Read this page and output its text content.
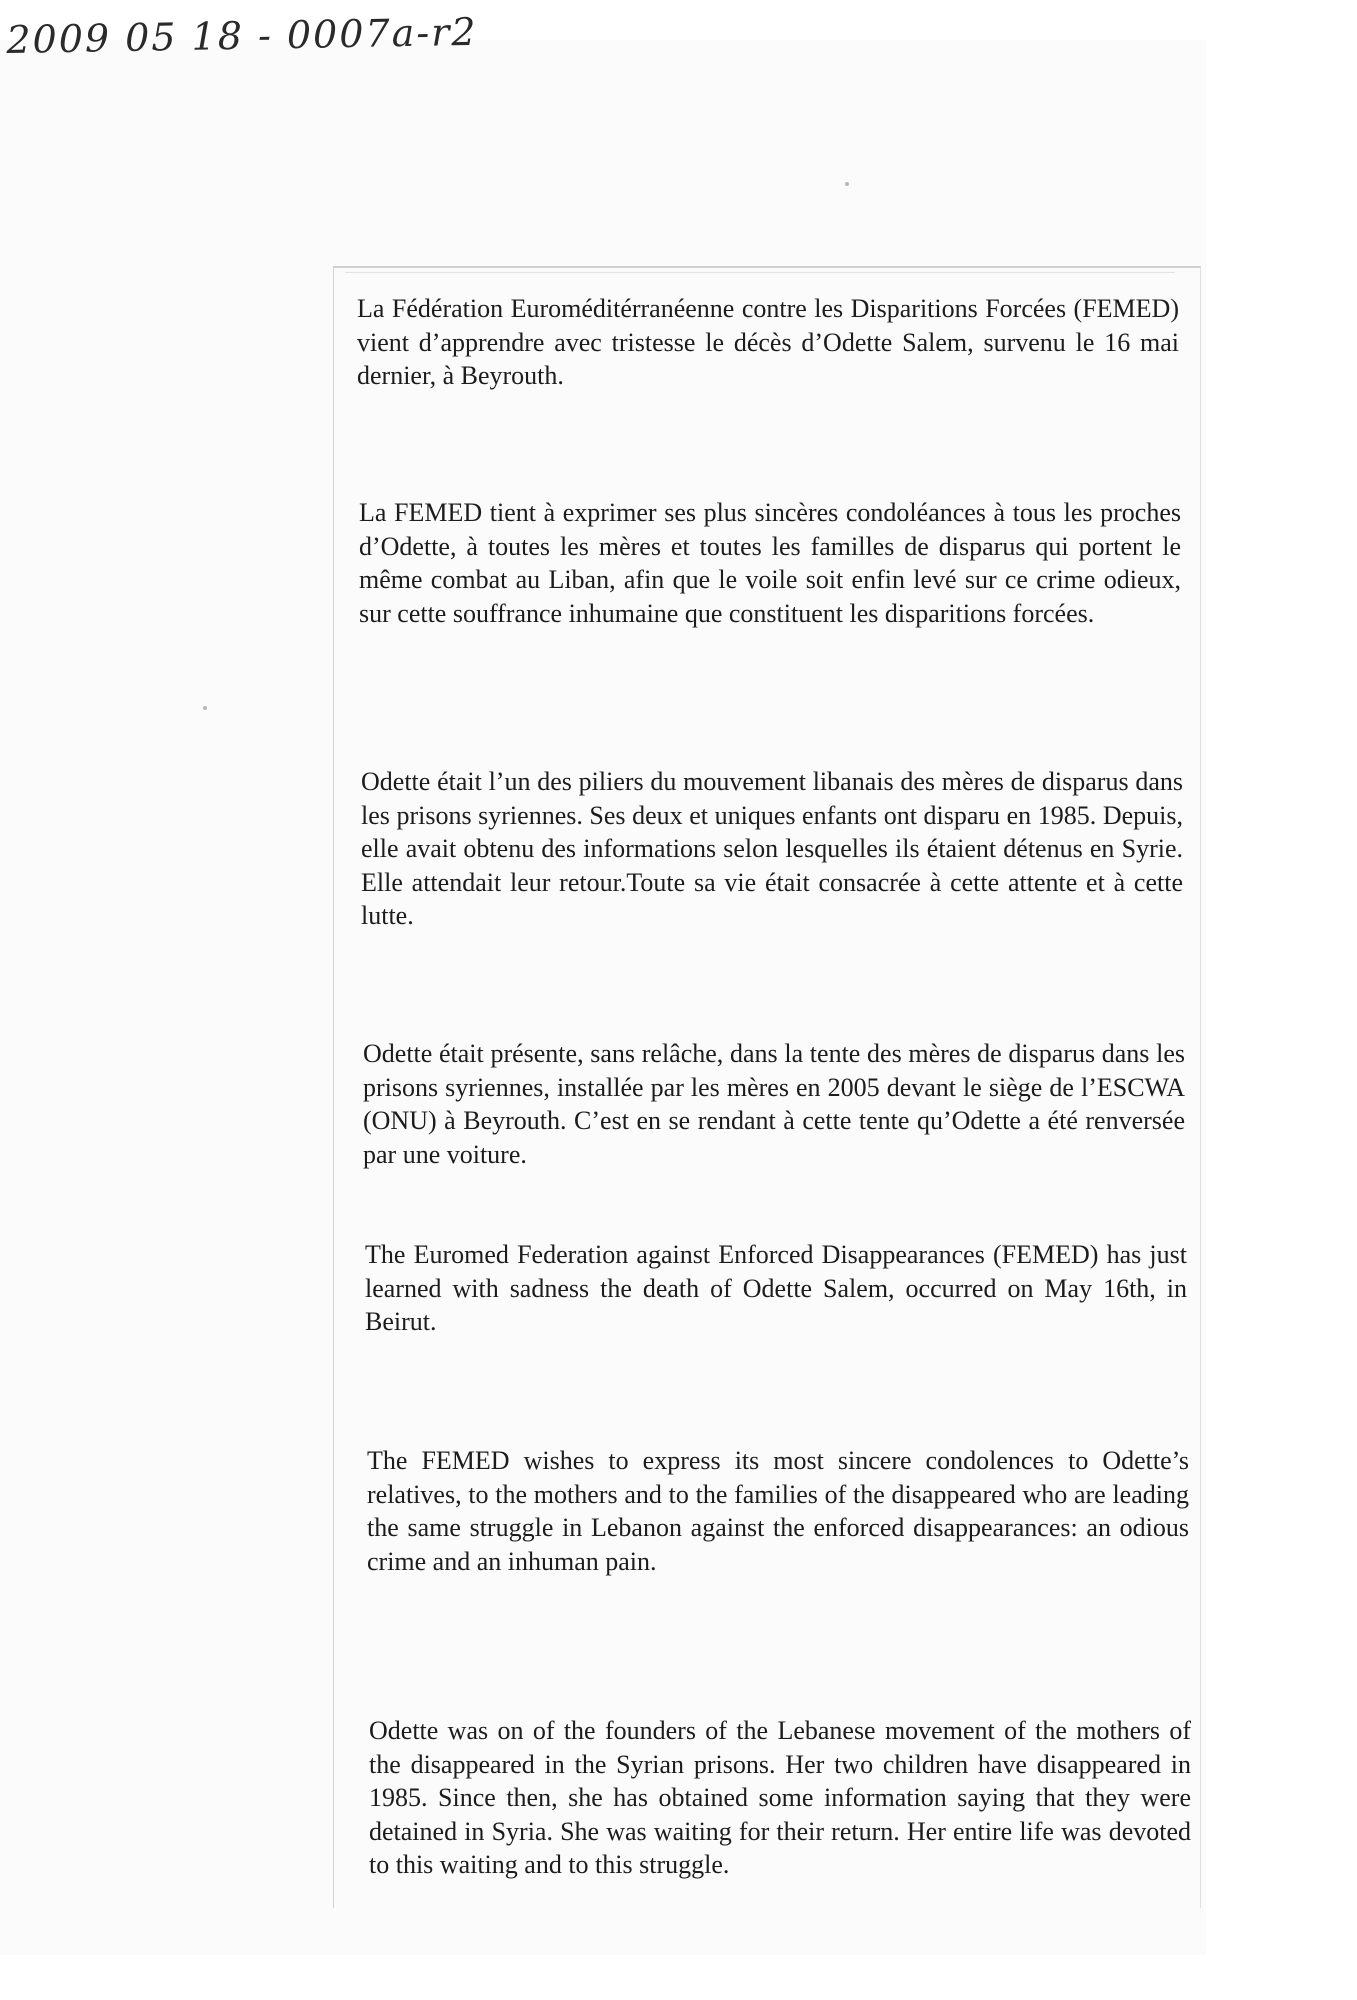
2009 05 18 - 0007a-r2

La Fédération Euroméditérranéenne contre les Disparitions Forcées (FEMED) vient d’apprendre avec tristesse le décès d’Odette Salem, survenu le 16 mai dernier, à Beyrouth.

La FEMED tient à exprimer ses plus sincères condoléances à tous les proches d’Odette, à toutes les mères et toutes les familles de disparus qui portent le même combat au Liban, afin que le voile soit enfin levé sur ce crime odieux, sur cette souffrance inhumaine que constituent les disparitions forcées.

Odette était l’un des piliers du mouvement libanais des mères de disparus dans les prisons syriennes. Ses deux et uniques enfants ont disparu en 1985. Depuis, elle avait obtenu des informations selon lesquelles ils étaient détenus en Syrie. Elle attendait leur retour.Toute sa vie était consacrée à cette attente et à cette lutte.

Odette était présente, sans relâche, dans la tente des mères de disparus dans les prisons syriennes, installée par les mères en 2005 devant le siège de l’ESCWA (ONU) à Beyrouth. C’est en se rendant à cette tente qu’Odette a été renversée par une voiture.

The Euromed Federation against Enforced Disappearances (FEMED) has just learned with sadness the death of Odette Salem, occurred on May 16th, in Beirut.

The FEMED wishes to express its most sincere condolences to Odette’s relatives, to the mothers and to the families of the disappeared who are leading the same struggle in Lebanon against the enforced disappearances: an odious crime and an inhuman pain.

Odette was on of the founders of the Lebanese movement of the mothers of the disappeared in the Syrian prisons. Her two children have disappeared in 1985. Since then, she has obtained some information saying that they were detained in Syria. She was waiting for their return. Her entire life was devoted to this waiting and to this struggle.
